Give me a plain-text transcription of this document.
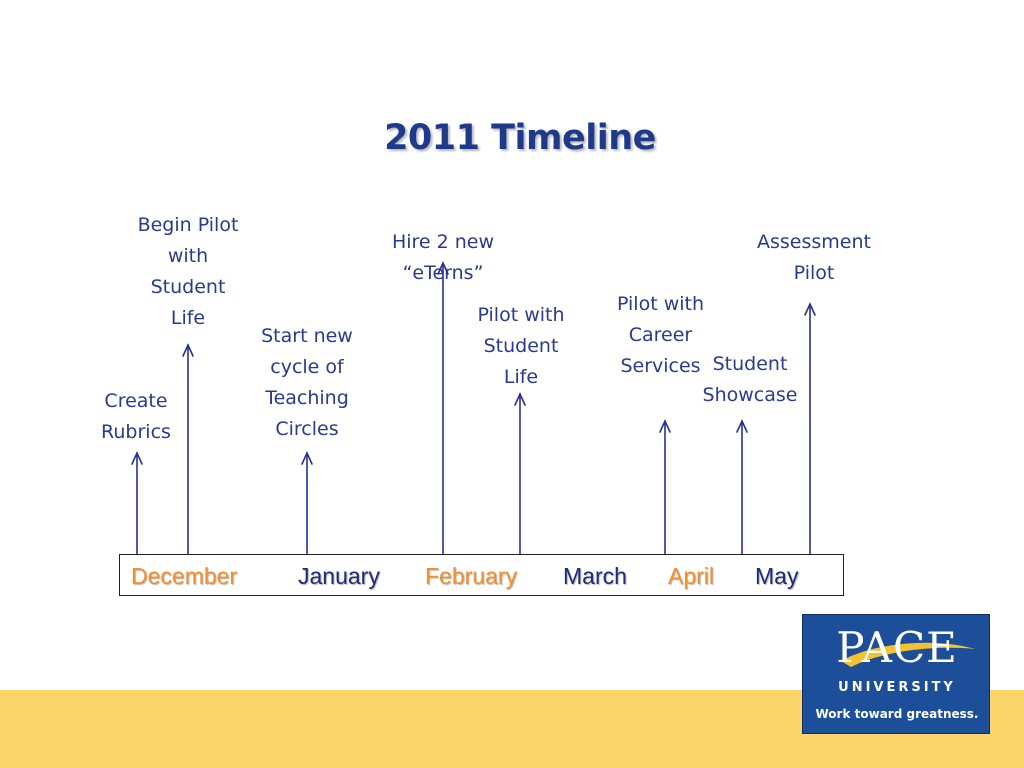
2011 Timeline
Create
Rubrics
Begin Pilot
with
Student
Life
Start new
cycle of
Teaching
Circles
Hire 2 new
“eTerns”
Pilot with
Student
Life
Pilot with
Career
Services Student
Showcase
Assessment
Pilot
December	January February March April May
PACE
UNIVERSITY
Work toward greatness.
